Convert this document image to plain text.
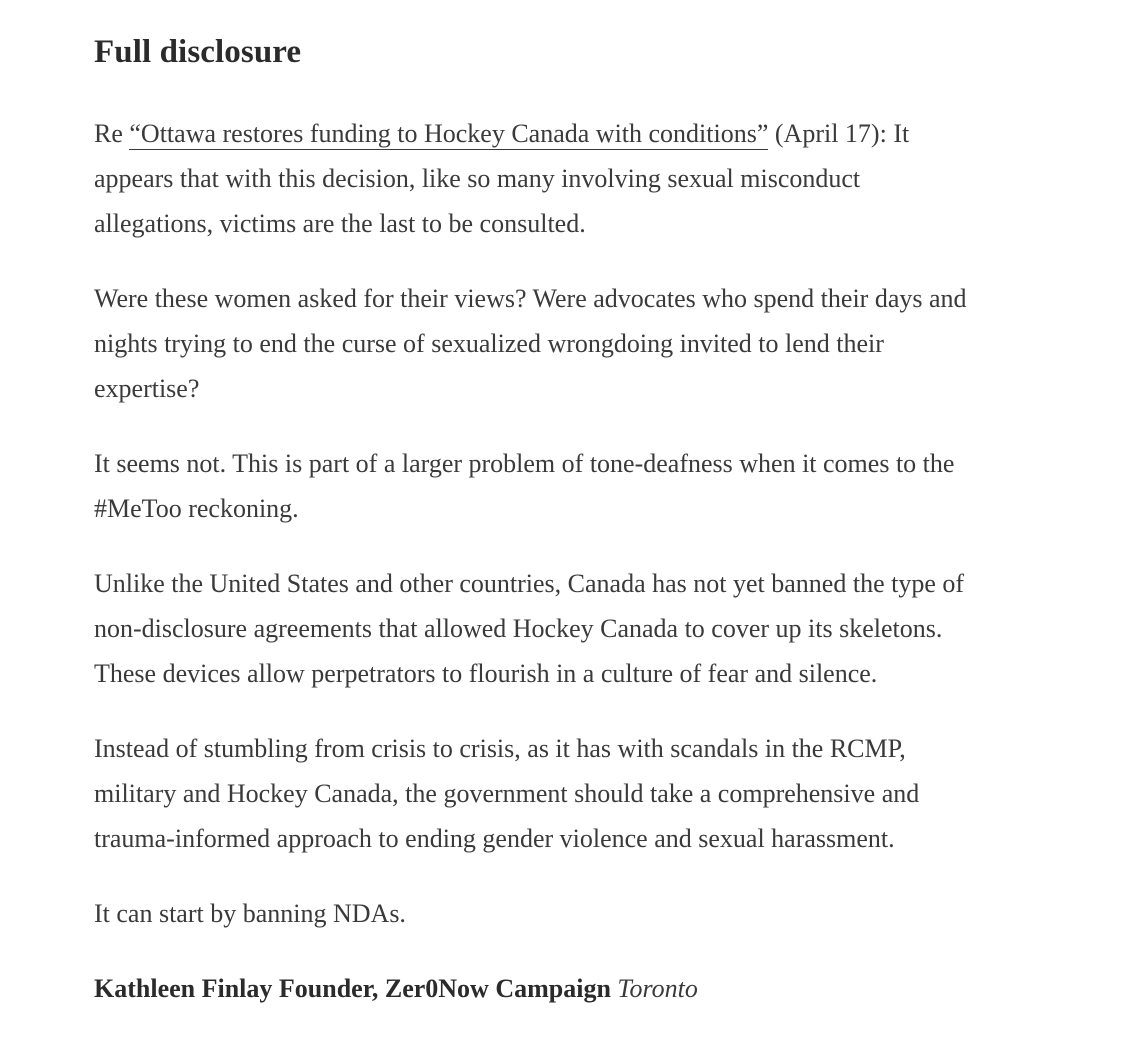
Full disclosure

Re “Ottawa restores funding to Hockey Canada with conditions” (April 17): It
appears that with this decision, like so many involving sexual misconduct
allegations, victims are the last to be consulted.

Were these women asked for their views? Were advocates who spend their days and
nights trying to end the curse of sexualized wrongdoing invited to lend their
expertise?

It seems not. This is part of a larger problem of tone-deafness when it comes to the
#MeToo reckoning.

Unlike the United States and other countries, Canada has not yet banned the type of
non-disclosure agreements that allowed Hockey Canada to cover up its skeletons.
These devices allow perpetrators to flourish in a culture of fear and silence.

Instead of stumbling from crisis to crisis, as it has with scandals in the RCMP,
military and Hockey Canada, the government should take a comprehensive and
trauma-informed approach to ending gender violence and sexual harassment.

It can start by banning NDAs.

Kathleen Finlay Founder, Zer0Now Campaign Toronto
